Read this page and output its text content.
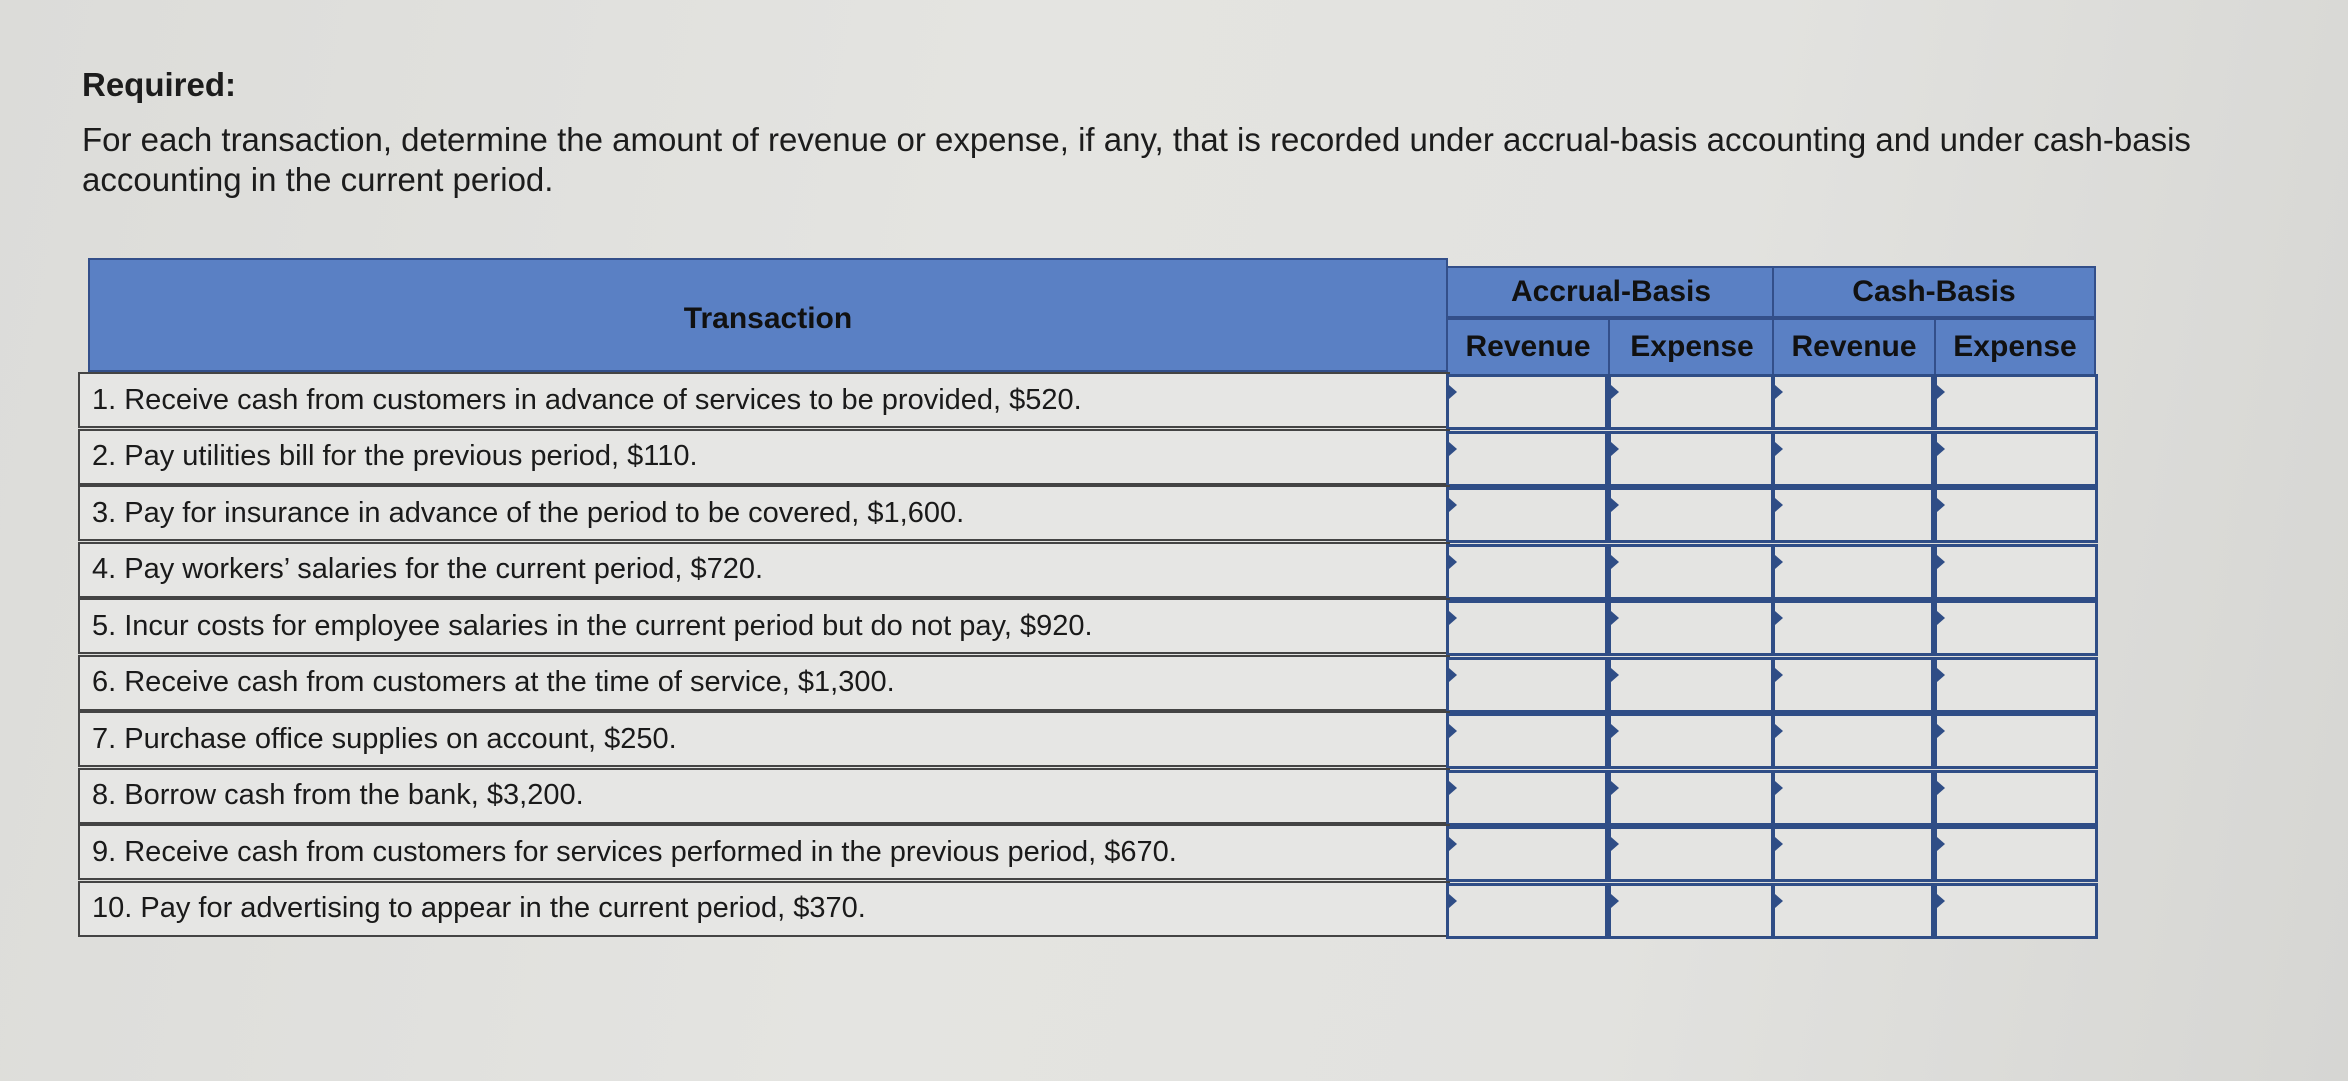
Required:
For each transaction, determine the amount of revenue or expense, if any, that is recorded under accrual-basis accounting and under cash-basis accounting in the current period.
Transaction
Accrual-Basis	Cash-Basis
Revenue	Expense	Revenue	Expense
1. Receive cash from customers in advance of services to be provided, $520.
2. Pay utilities bill for the previous period, $110.
3. Pay for insurance in advance of the period to be covered, $1,600.
4. Pay workers’ salaries for the current period, $720.
5. Incur costs for employee salaries in the current period but do not pay, $920.
6. Receive cash from customers at the time of service, $1,300.
7. Purchase office supplies on account, $250.
8. Borrow cash from the bank, $3,200.
9. Receive cash from customers for services performed in the previous period, $670.
10. Pay for advertising to appear in the current period, $370.
